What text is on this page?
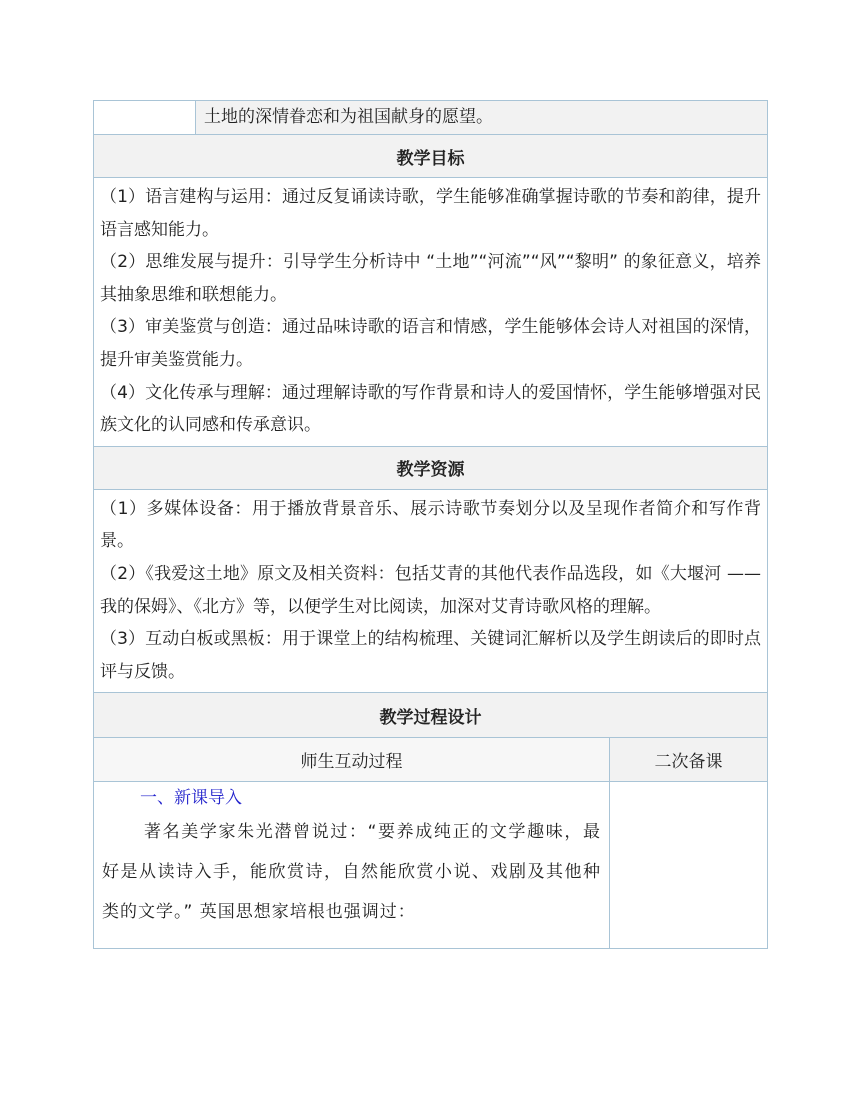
	土地的深情眷恋和为祖国献身的愿望。	
教学目标		

（1）语言建构与运用：通过反复诵读诗歌，学生能够准确掌握诗歌的节奏和韵律，提升语言感知能力。

（2）思维发展与提升：引导学生分析诗中 “土地”“河流”“风”“黎明” 的象征意义，培养其抽象思维和联想能力。

（3）审美鉴赏与创造：通过品味诗歌的语言和情感，学生能够体会诗人对祖国的深情，提升审美鉴赏能力。

（4）文化传承与理解：通过理解诗歌的写作背景和诗人的爱国情怀，学生能够增强对民族文化的认同感和传承意识。		

教学资源		

（1）多媒体设备：用于播放背景音乐、展示诗歌节奏划分以及呈现作者简介和写作背景。

（2）《我爱这土地》原文及相关资料：包括艾青的其他代表作品选段，如《大堰河 —— 我的保姆》、《北方》等，以便学生对比阅读，加深对艾青诗歌风格的理解。

（3）互动白板或黑板：用于课堂上的结构梳理、关键词汇解析以及学生朗读后的即时点评与反馈。		

教学过程设计		
师生互动过程		二次备课

一、新课导入

著名美学家朱光潜曾说过：“要养成纯正的文学趣味，最好是从读诗入手，能欣赏诗，自然能欣赏小说、戏剧及其他种类的文学。” 英国思想家培根也强调过：		
